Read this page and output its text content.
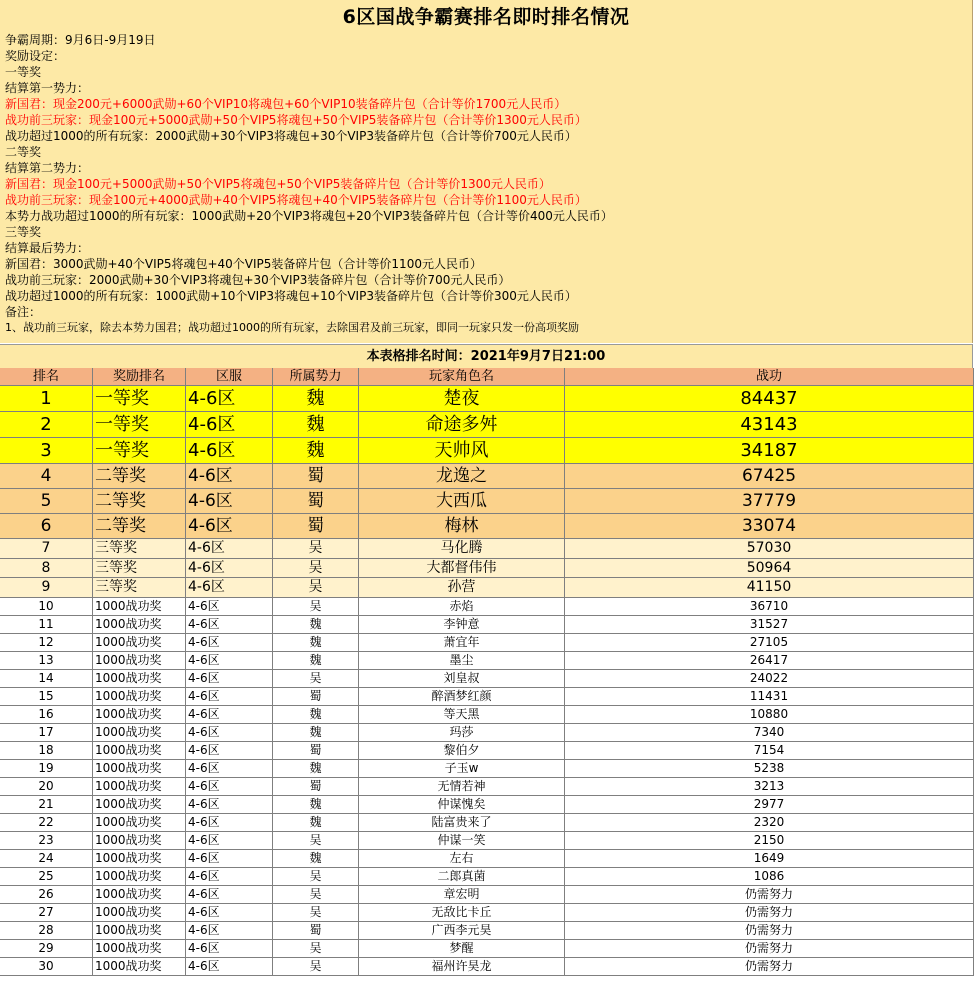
6区国战争霸赛排名即时排名情况
争霸周期：9月6日-9月19日
奖励设定：
一等奖
结算第一势力：
新国君：现金200元+6000武勋+60个VIP10将魂包+60个VIP10装备碎片包（合计等价1700元人民币）
战功前三玩家：现金100元+5000武勋+50个VIP5将魂包+50个VIP5装备碎片包（合计等价1300元人民币）
战功超过1000的所有玩家：2000武勋+30个VIP3将魂包+30个VIP3装备碎片包（合计等价700元人民币）
二等奖
结算第二势力：
新国君：现金100元+5000武勋+50个VIP5将魂包+50个VIP5装备碎片包（合计等价1300元人民币）
战功前三玩家：现金100元+4000武勋+40个VIP5将魂包+40个VIP5装备碎片包（合计等价1100元人民币）
本势力战功超过1000的所有玩家：1000武勋+20个VIP3将魂包+20个VIP3装备碎片包（合计等价400元人民币）
三等奖
结算最后势力：
新国君：3000武勋+40个VIP5将魂包+40个VIP5装备碎片包（合计等价1100元人民币）
战功前三玩家：2000武勋+30个VIP3将魂包+30个VIP3装备碎片包（合计等价700元人民币）
战功超过1000的所有玩家：1000武勋+10个VIP3将魂包+10个VIP3装备碎片包（合计等价300元人民币）
备注：
1、战功前三玩家，除去本势力国君；战功超过1000的所有玩家，去除国君及前三玩家，即同一玩家只发一份高项奖励
本表格排名时间：2021年9月7日21:00
排名	奖励排名	区服	所属势力	玩家角色名	战功
1	一等奖	4-6区	魏	楚夜	84437
2	一等奖	4-6区	魏	命途多舛	43143
3	一等奖	4-6区	魏	天帅风	34187
4	二等奖	4-6区	蜀	龙逸之	67425
5	二等奖	4-6区	蜀	大西瓜	37779
6	二等奖	4-6区	蜀	梅林	33074
7	三等奖	4-6区	吴	马化腾	57030
8	三等奖	4-6区	吴	大都督伟伟	50964
9	三等奖	4-6区	吴	孙营	41150
10	1000战功奖	4-6区	吴	赤焰	36710
11	1000战功奖	4-6区	魏	李钟意	31527
12	1000战功奖	4-6区	魏	萧宜年	27105
13	1000战功奖	4-6区	魏	墨尘	26417
14	1000战功奖	4-6区	吴	刘皇叔	24022
15	1000战功奖	4-6区	蜀	醉酒梦红颜	11431
16	1000战功奖	4-6区	魏	等天黑	10880
17	1000战功奖	4-6区	魏	玛莎	7340
18	1000战功奖	4-6区	蜀	黎伯夕	7154
19	1000战功奖	4-6区	魏	子玉w	5238
20	1000战功奖	4-6区	蜀	无情若神	3213
21	1000战功奖	4-6区	魏	仲谋愧矣	2977
22	1000战功奖	4-6区	魏	陆富贵来了	2320
23	1000战功奖	4-6区	吴	仲谋一笑	2150
24	1000战功奖	4-6区	魏	左右	1649
25	1000战功奖	4-6区	吴	二郎真菌	1086
26	1000战功奖	4-6区	吴	章宏明	仍需努力
27	1000战功奖	4-6区	吴	无敌比卡丘	仍需努力
28	1000战功奖	4-6区	蜀	广西李元昊	仍需努力
29	1000战功奖	4-6区	吴	梦醒	仍需努力
30	1000战功奖	4-6区	吴	福州许昊龙	仍需努力
